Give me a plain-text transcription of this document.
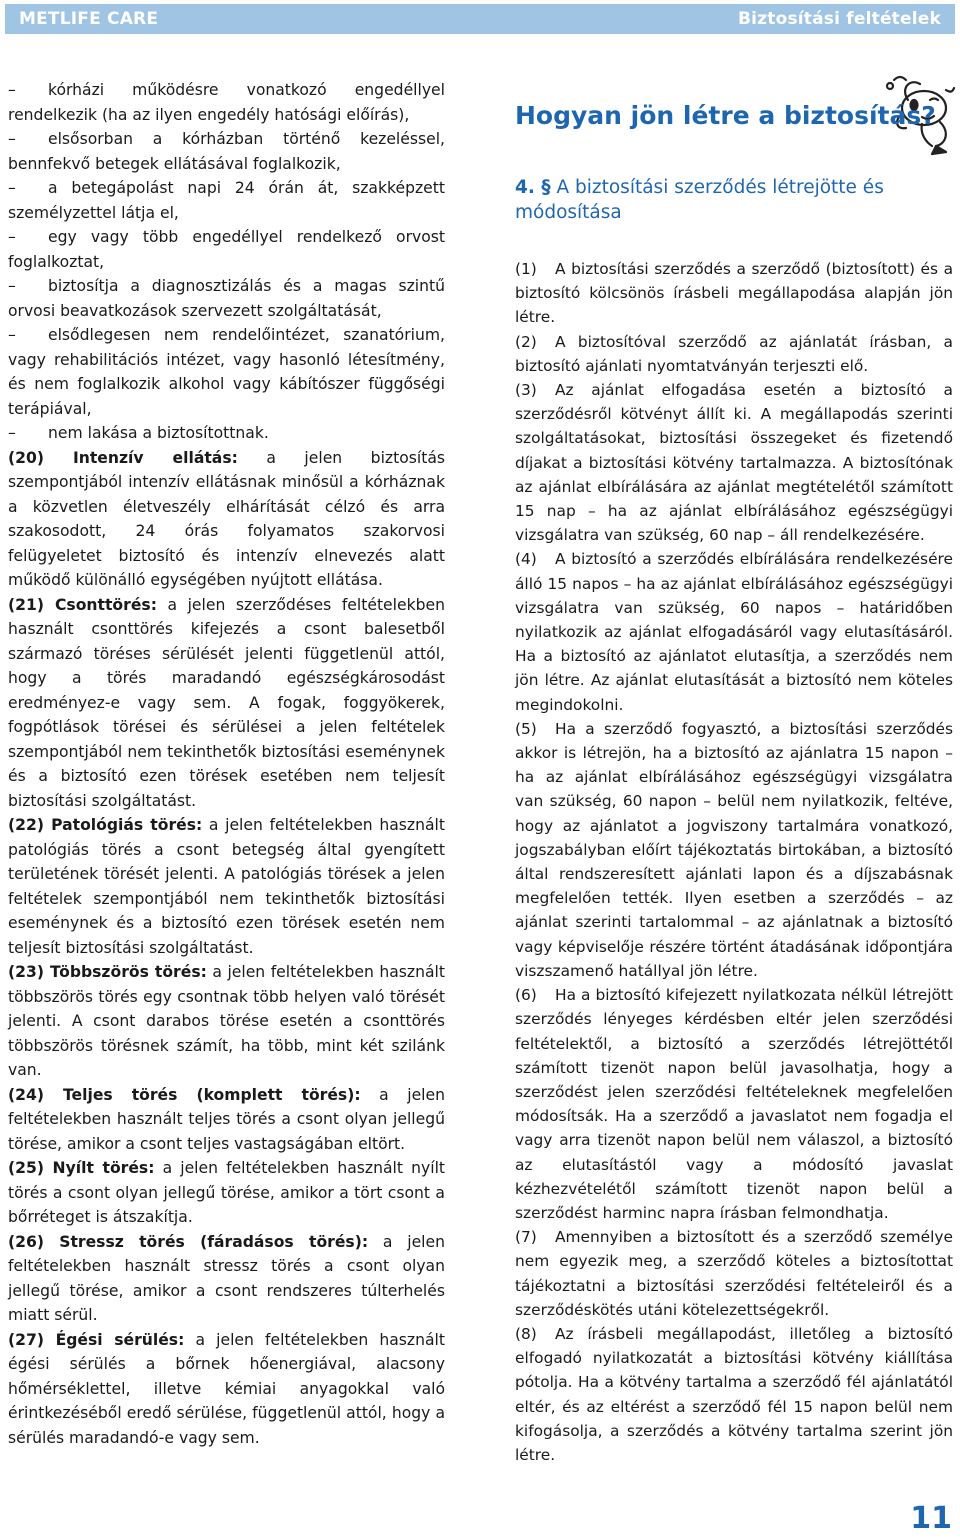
METLIFE CARE	Biztosítási feltételek

– kórházi működésre vonatkozó engedéllyel rendelkezik (ha az ilyen engedély hatósági előírás),

– elsősorban a kórházban történő kezeléssel, bennfekvő betegek ellátásával foglalkozik,

– a betegápolást napi 24 órán át, szakképzett személyzettel látja el,

– egy vagy több engedéllyel rendelkező orvost foglalkoztat,

– biztosítja a diagnosztizálás és a magas szintű orvosi beavatkozások szervezett szolgáltatását,

– elsődlegesen nem rendelőintézet, szanatórium, vagy rehabilitációs intézet, vagy hasonló létesítmény, és nem foglalkozik alkohol vagy kábítószer függőségi terápiával,

– nem lakása a biztosítottnak.

(20) Intenzív ellátás: a jelen biztosítás szempontjából intenzív ellátásnak minősül a kórháznak a közvetlen életveszély elhárítását célzó és arra szakosodott, 24 órás folyamatos szakorvosi felügyeletet biztosító és intenzív elnevezés alatt működő különálló egységében nyújtott ellátása.

(21) Csonttörés: a jelen szerződéses feltételekben használt csonttörés kifejezés a csont balesetből származó töréses sérülését jelenti függetlenül attól, hogy a törés maradandó egészségkárosodást eredményez-e vagy sem. A fogak, foggyökerek, fogpótlások törései és sérülései a jelen feltételek szempontjából nem tekinthetők biztosítási eseménynek és a biztosító ezen törések esetében nem teljesít biztosítási szolgáltatást.

(22) Patológiás törés: a jelen feltételekben használt patológiás törés a csont betegség által gyengített területének törését jelenti. A patológiás törések a jelen feltételek szempontjából nem tekinthetők biztosítási eseménynek és a biztosító ezen törések esetén nem teljesít biztosítási szolgáltatást.

(23) Többszörös törés: a jelen feltételekben használt többszörös törés egy csontnak több helyen való törését jelenti. A csont darabos törése esetén a csonttörés többszörös törésnek számít, ha több, mint két szilánk van.

(24) Teljes törés (komplett törés): a jelen feltételekben használt teljes törés a csont olyan jellegű törése, amikor a csont teljes vastagságában eltört.

(25) Nyílt törés: a jelen feltételekben használt nyílt törés a csont olyan jellegű törése, amikor a tört csont a bőrréteget is átszakítja.

(26) Stressz törés (fáradásos törés): a jelen feltételekben használt stressz törés a csont olyan jellegű törése, amikor a csont rendszeres túlterhelés miatt sérül.

(27) Égési sérülés: a jelen feltételekben használt égési sérülés a bőrnek hőenergiával, alacsony hőmérséklettel, illetve kémiai anyagokkal való érintkezéséből eredő sérülése, függetlenül attól, hogy a sérülés maradandó-e vagy sem.

Hogyan jön létre a biztosítás?
4. § A biztosítási szerződés létrejötte és módosítása

(1) A biztosítási szerződés a szerződő (biztosított) és a biztosító kölcsönös írásbeli megállapodása alapján jön létre.

(2) A biztosítóval szerződő az ajánlatát írásban, a biztosító ajánlati nyomtatványán terjeszti elő.

(3) Az ajánlat elfogadása esetén a biztosító a szerződésről kötvényt állít ki. A megállapodás szerinti szolgáltatásokat, biztosítási összegeket és fizetendő díjakat a biztosítási kötvény tartalmazza. A biztosítónak az ajánlat elbírálására az ajánlat megtételétől számított 15 nap – ha az ajánlat elbírálásához egészségügyi vizsgálatra van szükség, 60 nap – áll rendelkezésére.

(4) A biztosító a szerződés elbírálására rendelkezésére álló 15 napos – ha az ajánlat elbírálásához egészségügyi vizsgálatra van szükség, 60 napos – határidőben nyilatkozik az ajánlat elfogadásáról vagy elutasításáról. Ha a biztosító az ajánlatot elutasítja, a szerződés nem jön létre. Az ajánlat elutasítását a biztosító nem köteles megindokolni.

(5) Ha a szerződő fogyasztó, a biztosítási szerződés akkor is létrejön, ha a biztosító az ajánlatra 15 napon – ha az ajánlat elbírálásához egészségügyi vizsgálatra van szükség, 60 napon – belül nem nyilatkozik, feltéve, hogy az ajánlatot a jogviszony tartalmára vonatkozó, jogszabályban előírt tájékoztatás birtokában, a biztosító által rendszeresített ajánlati lapon és a díjszabásnak megfelelően tették. Ilyen esetben a szerződés – az ajánlat szerinti tartalommal – az ajánlatnak a biztosító vagy képviselője részére történt átadásának időpontjára viszszamenő hatállyal jön létre.

(6) Ha a biztosító kifejezett nyilatkozata nélkül létrejött szerződés lényeges kérdésben eltér jelen szerződési feltételektől, a biztosító a szerződés létrejöttétől számított tizenöt napon belül javasolhatja, hogy a szerződést jelen szerződési feltételeknek megfelelően módosítsák. Ha a szerződő a javaslatot nem fogadja el vagy arra tizenöt napon belül nem válaszol, a biztosító az elutasítástól vagy a módosító javaslat kézhezvételétől számított tizenöt napon belül a szerződést harminc napra írásban felmondhatja.

(7) Amennyiben a biztosított és a szerződő személye nem egyezik meg, a szerződő köteles a biztosítottat tájékoztatni a biztosítási szerződési feltételeiről és a szerződéskötés utáni kötelezettségekről.

(8) Az írásbeli megállapodást, illetőleg a biztosító elfogadó nyilatkozatát a biztosítási kötvény kiállítása pótolja. Ha a kötvény tartalma a szerződő fél ajánlatától eltér, és az eltérést a szerződő fél 15 napon belül nem kifogásolja, a szerződés a kötvény tartalma szerint jön létre.

11
